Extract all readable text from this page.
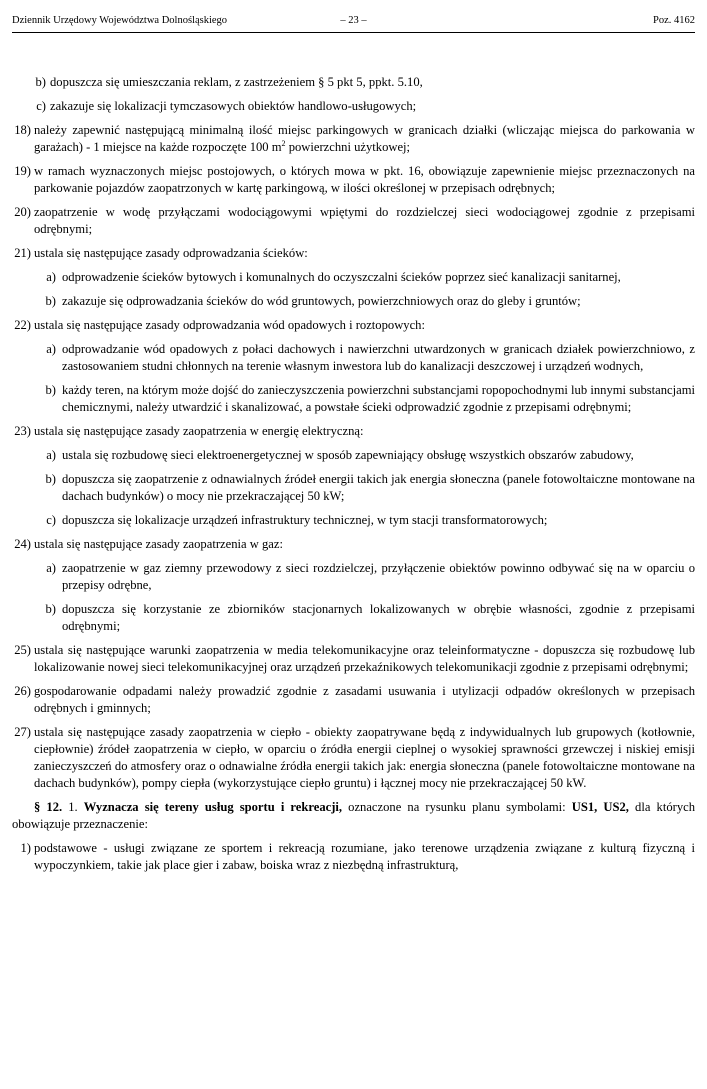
Dziennik Urzędowy Województwa Dolnośląskiego	– 23 –	Poz. 4162
b) dopuszcza się umieszczania reklam, z zastrzeżeniem § 5 pkt 5, ppkt. 5.10,
c) zakazuje się lokalizacji tymczasowych obiektów handlowo-usługowych;
18) należy zapewnić następującą minimalną ilość miejsc parkingowych w granicach działki (wliczając miejsca do parkowania w garażach) - 1 miejsce na każde rozpoczęte 100 $m^2$ powierzchni użytkowej;
19) w ramach wyznaczonych miejsc postojowych, o których mowa w pkt. 16, obowiązuje zapewnienie miejsc przeznaczonych na parkowanie pojazdów zaopatrzonych w kartę parkingową, w ilości określonej w przepisach odrębnych;
20) zaopatrzenie w wodę przyłączami wodociągowymi wpiętymi do rozdzielczej sieci wodociągowej zgodnie z przepisami odrębnymi;
21) ustala się następujące zasady odprowadzania ścieków:
a) odprowadzenie ścieków bytowych i komunalnych do oczyszczalni ścieków poprzez sieć kanalizacji sanitarnej,
b) zakazuje się odprowadzania ścieków do wód gruntowych, powierzchniowych oraz do gleby i gruntów;
22) ustala się następujące zasady odprowadzania wód opadowych i roztopowych:
a) odprowadzanie wód opadowych z połaci dachowych i nawierzchni utwardzonych w granicach działek powierzchniowo, z zastosowaniem studni chłonnych na terenie własnym inwestora lub do kanalizacji deszczowej i urządzeń wodnych,
b) każdy teren, na którym może dojść do zanieczyszczenia powierzchni substancjami ropopochodnymi lub innymi substancjami chemicznymi, należy utwardzić i skanalizować, a powstałe ścieki odprowadzić zgodnie z przepisami odrębnymi;
23) ustala się następujące zasady zaopatrzenia w energię elektryczną:
a) ustala się rozbudowę sieci elektroenergetycznej w sposób zapewniający obsługę wszystkich obszarów zabudowy,
b) dopuszcza się zaopatrzenie z odnawialnych źródeł energii takich jak energia słoneczna (panele fotowoltaiczne montowane na dachach budynków) o mocy nie przekraczającej 50 kW;
c) dopuszcza się lokalizacje urządzeń infrastruktury technicznej, w tym stacji transformatorowych;
24) ustala się następujące zasady zaopatrzenia w gaz:
a) zaopatrzenie w gaz ziemny przewodowy z sieci rozdzielczej, przyłączenie obiektów powinno odbywać się na w oparciu o przepisy odrębne,
b) dopuszcza się korzystanie ze zbiorników stacjonarnych lokalizowanych w obrębie własności, zgodnie z przepisami odrębnymi;
25) ustala się następujące warunki zaopatrzenia w media telekomunikacyjne oraz teleinformatyczne - dopuszcza się rozbudowę lub lokalizowanie nowej sieci telekomunikacyjnej oraz urządzeń przekaźnikowych telekomunikacji zgodnie z przepisami odrębnymi;
26) gospodarowanie odpadami należy prowadzić zgodnie z zasadami usuwania i utylizacji odpadów określonych w przepisach odrębnych i gminnych;
27) ustala się następujące zasady zaopatrzenia w ciepło - obiekty zaopatrywane będą z indywidualnych lub grupowych (kotłownie, ciepłownie) źródeł zaopatrzenia w ciepło, w oparciu o źródła energii cieplnej o wysokiej sprawności grzewczej i niskiej emisji zanieczyszczeń do atmosfery oraz o odnawialne źródła energii takich jak: energia słoneczna (panele fotowoltaiczne montowane na dachach budynków), pompy ciepła (wykorzystujące ciepło gruntu) i łącznej mocy nie przekraczającej 50 kW.
§ 12. 1. Wyznacza się tereny usług sportu i rekreacji, oznaczone na rysunku planu symbolami: US1, US2, dla których obowiązuje przeznaczenie:
1) podstawowe - usługi związane ze sportem i rekreacją rozumiane, jako terenowe urządzenia związane z kulturą fizyczną i wypoczynkiem, takie jak place gier i zabaw, boiska wraz z niezbędną infrastrukturą,
